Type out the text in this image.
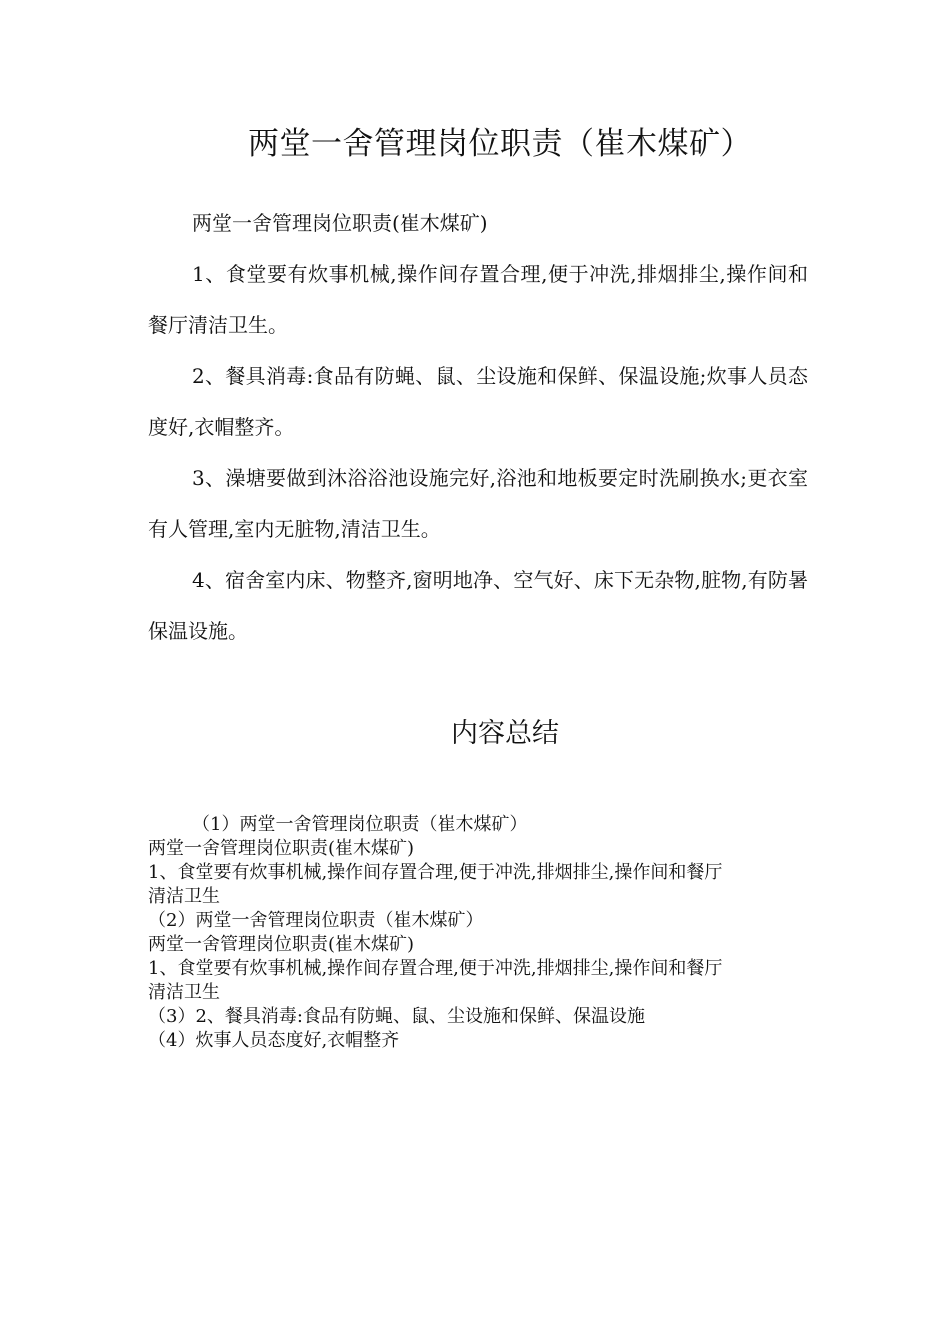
两堂一舍管理岗位职责（崔木煤矿）

两堂一舍管理岗位职责(崔木煤矿)

1、食堂要有炊事机械,操作间存置合理,便于冲洗,排烟排尘,操作间和餐厅清洁卫生。

2、餐具消毒:食品有防蝇、鼠、尘设施和保鲜、保温设施;炊事人员态度好,衣帽整齐。

3、澡塘要做到沐浴浴池设施完好,浴池和地板要定时洗刷换水;更衣室有人管理,室内无脏物,清洁卫生。

4、宿舍室内床、物整齐,窗明地净、空气好、床下无杂物,脏物,有防暑保温设施。

内容总结

（1）两堂一舍管理岗位职责（崔木煤矿）

两堂一舍管理岗位职责(崔木煤矿)

1、食堂要有炊事机械,操作间存置合理,便于冲洗,排烟排尘,操作间和餐厅

清洁卫生

（2）两堂一舍管理岗位职责（崔木煤矿）

两堂一舍管理岗位职责(崔木煤矿)

1、食堂要有炊事机械,操作间存置合理,便于冲洗,排烟排尘,操作间和餐厅

清洁卫生

（3）2、餐具消毒:食品有防蝇、鼠、尘设施和保鲜、保温设施

（4）炊事人员态度好,衣帽整齐
